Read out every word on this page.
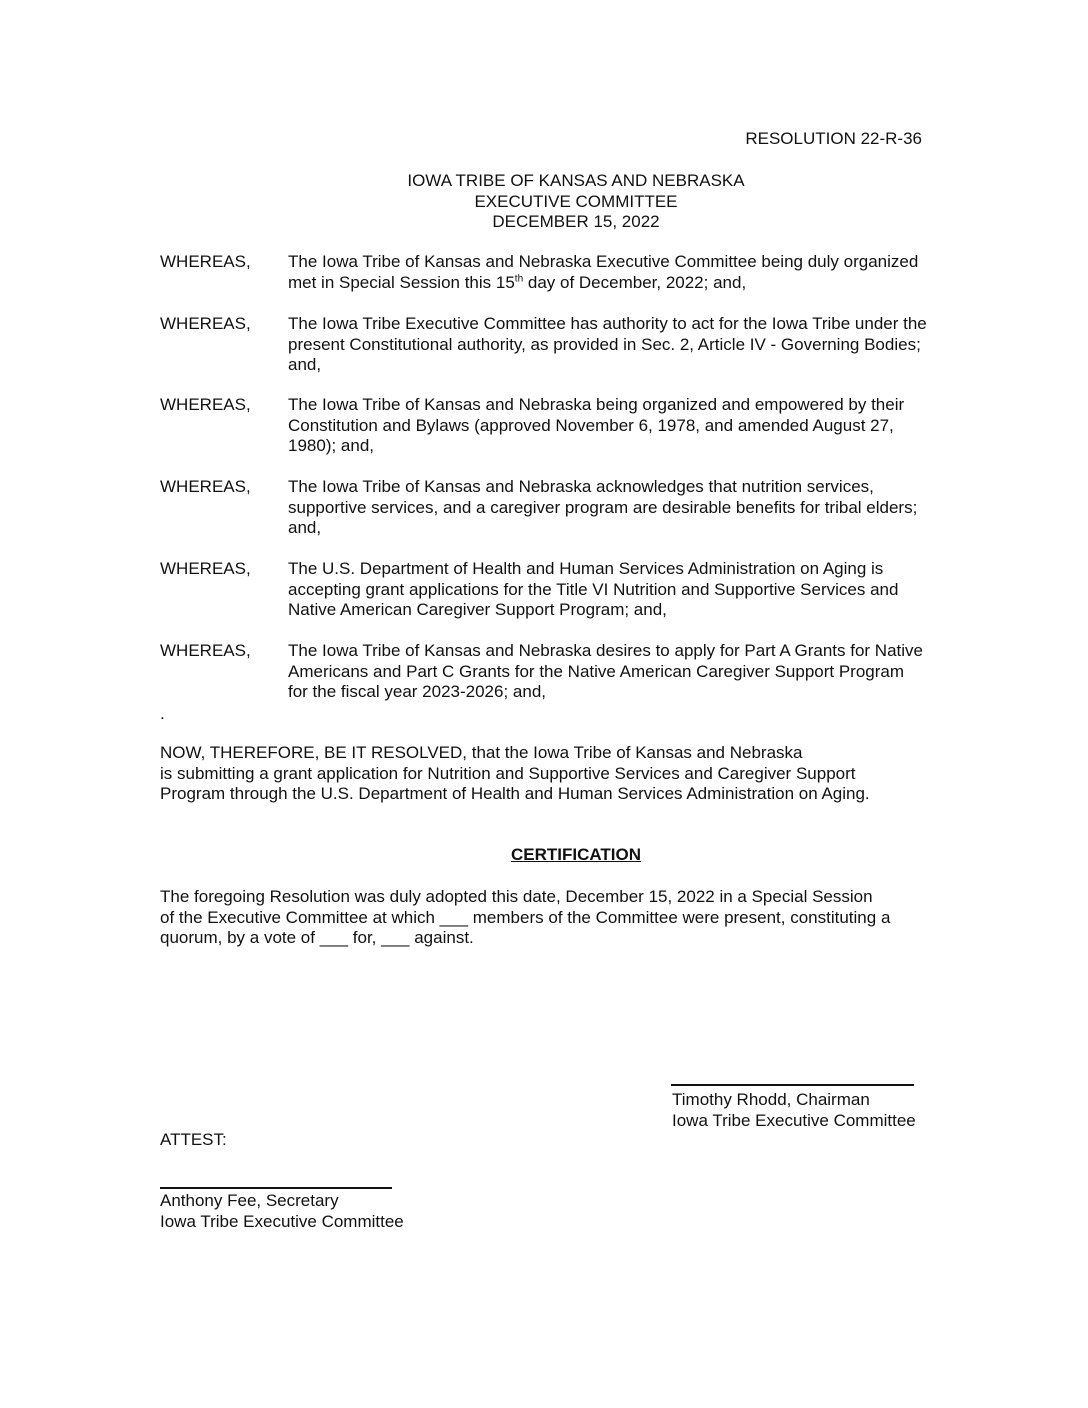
RESOLUTION 22-R-36
IOWA TRIBE OF KANSAS AND NEBRASKA
EXECUTIVE COMMITTEE
DECEMBER 15, 2022
WHEREAS,	The Iowa Tribe of Kansas and Nebraska Executive Committee being duly organized met in Special Session this 15th day of December, 2022; and,
WHEREAS,	The Iowa Tribe Executive Committee has authority to act for the Iowa Tribe under the present Constitutional authority, as provided in Sec. 2, Article IV - Governing Bodies; and,
WHEREAS,	The Iowa Tribe of Kansas and Nebraska being organized and empowered by their Constitution and Bylaws (approved November 6, 1978, and amended August 27, 1980); and,
WHEREAS,	The Iowa Tribe of Kansas and Nebraska acknowledges that nutrition services, supportive services, and a caregiver program are desirable benefits for tribal elders; and,
WHEREAS,	The U.S. Department of Health and Human Services Administration on Aging is accepting grant applications for the Title VI Nutrition and Supportive Services and Native American Caregiver Support Program; and,
WHEREAS,	The Iowa Tribe of Kansas and Nebraska desires to apply for Part A Grants for Native Americans and Part C Grants for the Native American Caregiver Support Program for the fiscal year 2023-2026; and,
.
NOW, THEREFORE, BE IT RESOLVED, that the Iowa Tribe of Kansas and Nebraska
is submitting a grant application for Nutrition and Supportive Services and Caregiver Support
Program through the U.S. Department of Health and Human Services Administration on Aging.
CERTIFICATION
The foregoing Resolution was duly adopted this date, December 15, 2022 in a Special Session
of the Executive Committee at which ___ members of the Committee were present, constituting a
quorum, by a vote of ___ for, ___ against.
Timothy Rhodd, Chairman
Iowa Tribe Executive Committee
ATTEST:
Anthony Fee, Secretary
Iowa Tribe Executive Committee
